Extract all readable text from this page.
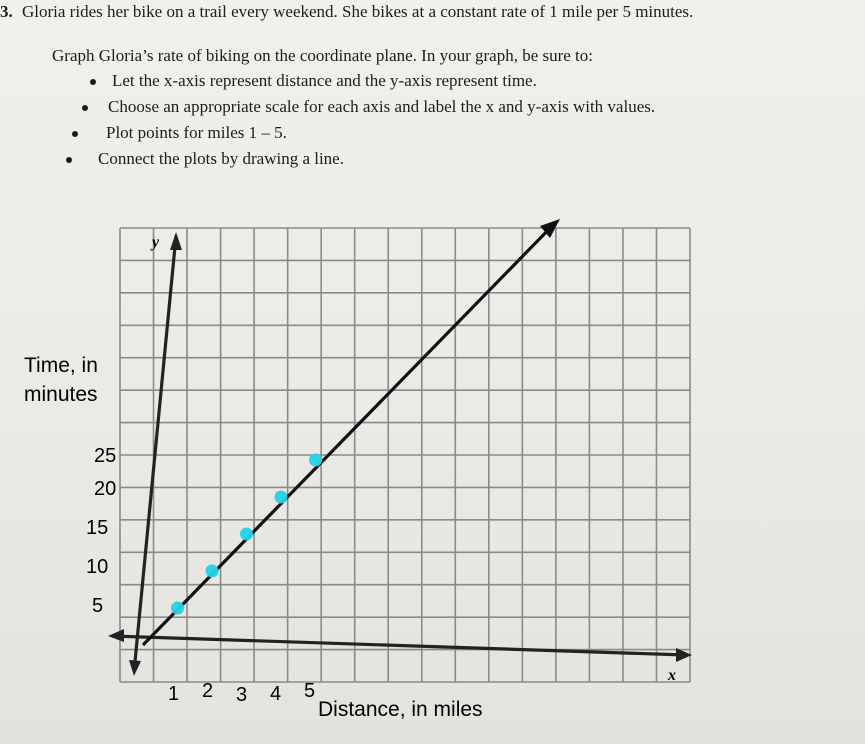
3. Gloria rides her bike on a trail every weekend. She bikes at a constant rate of 1 mile per 5 minutes.
Graph Gloria’s rate of biking on the coordinate plane. In your graph, be sure to:
Let the x-axis represent distance and the y-axis represent time.
Choose an appropriate scale for each axis and label the x and y-axis with values.
Plot points for miles 1 – 5.
Connect the plots by drawing a line.
Time, in
minutes
Distance, in miles
y
x
5
10
15
20
25
1 2 3 4 5
